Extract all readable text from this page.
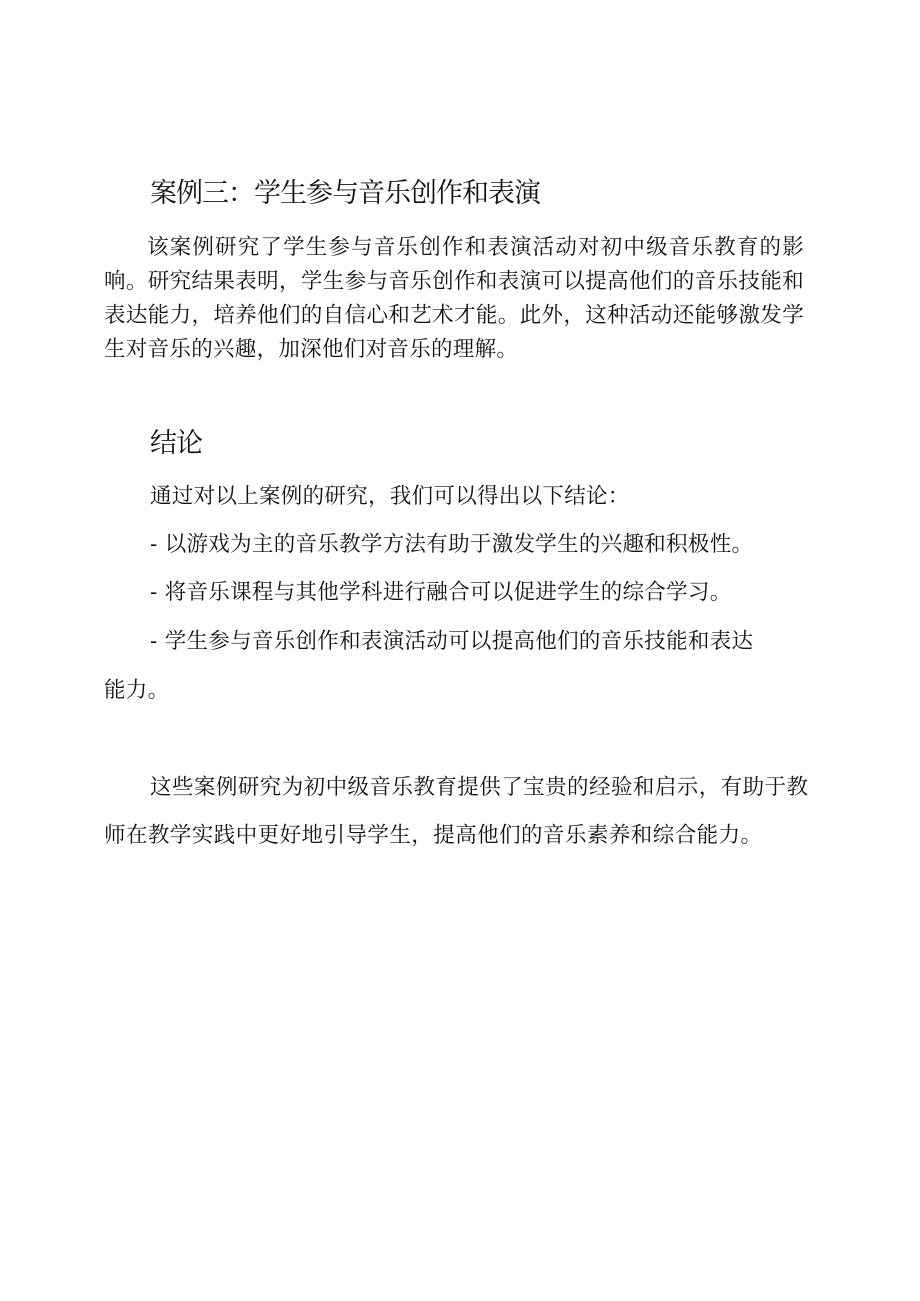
案例三：学生参与音乐创作和表演

该案例研究了学生参与音乐创作和表演活动对初中级音乐教育的影响。研究结果表明，学生参与音乐创作和表演可以提高他们的音乐技能和表达能力，培养他们的自信心和艺术才能。此外，这种活动还能够激发学生对音乐的兴趣，加深他们对音乐的理解。

结论

通过对以上案例的研究，我们可以得出以下结论：

- 以游戏为主的音乐教学方法有助于激发学生的兴趣和积极性。

- 将音乐课程与其他学科进行融合可以促进学生的综合学习。

- 学生参与音乐创作和表演活动可以提高他们的音乐技能和表达

能力。

这些案例研究为初中级音乐教育提供了宝贵的经验和启示，有助于教师在教学实践中更好地引导学生，提高他们的音乐素养和综合能力。
